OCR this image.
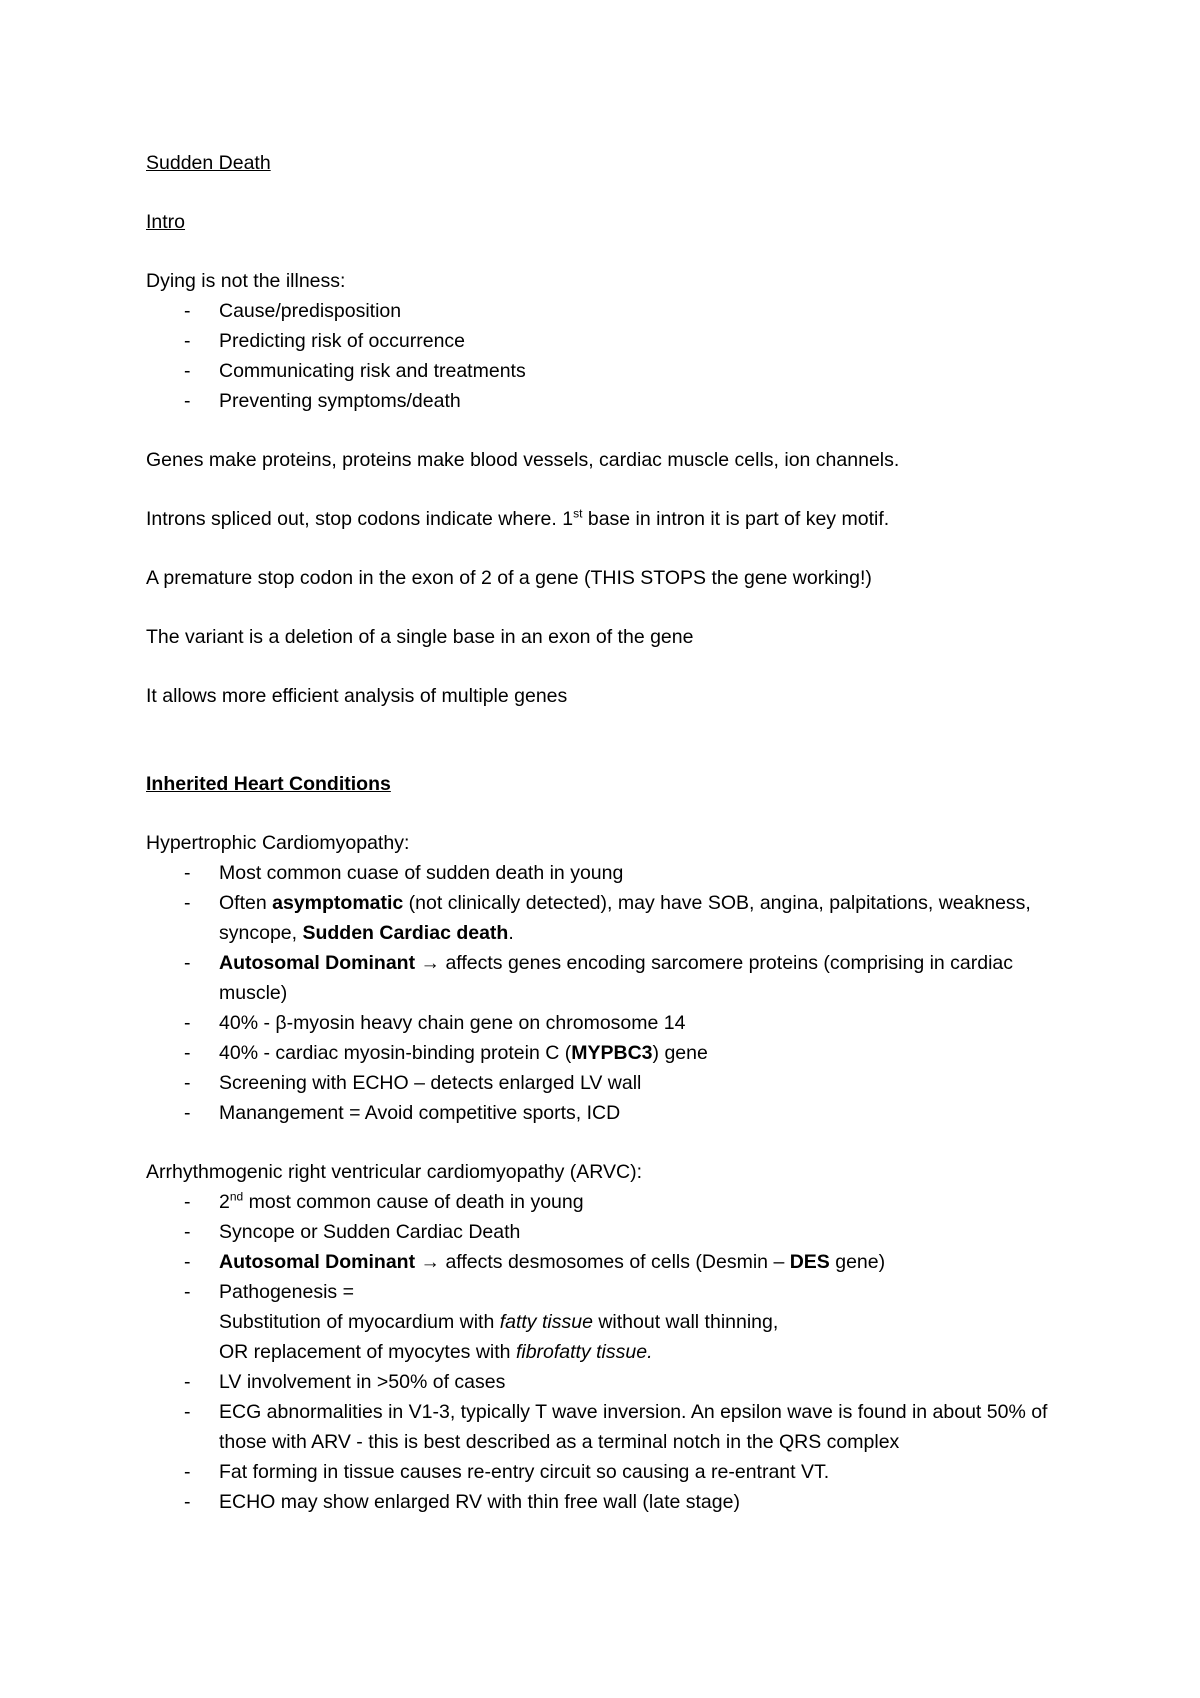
Sudden Death

Intro

Dying is not the illness:

- Cause/predisposition
- Predicting risk of occurrence
- Communicating risk and treatments
- Preventing symptoms/death

Genes make proteins, proteins make blood vessels, cardiac muscle cells, ion channels.

Introns spliced out, stop codons indicate where. 1st base in intron it is part of key motif.

A premature stop codon in the exon of 2 of a gene (THIS STOPS the gene working!)

The variant is a deletion of a single base in an exon of the gene

It allows more efficient analysis of multiple genes

Inherited Heart Conditions

Hypertrophic Cardiomyopathy:

- Most common cuase of sudden death in young
- Often asymptomatic (not clinically detected), may have SOB, angina, palpitations, weakness, syncope, Sudden Cardiac death.
- Autosomal Dominant → affects genes encoding sarcomere proteins (comprising in cardiac muscle)
- 40% - β-myosin heavy chain gene on chromosome 14
- 40% - cardiac myosin-binding protein C (MYPBC3) gene
- Screening with ECHO – detects enlarged LV wall
- Manangement = Avoid competitive sports, ICD

Arrhythmogenic right ventricular cardiomyopathy (ARVC):

- 2nd most common cause of death in young
- Syncope or Sudden Cardiac Death
- Autosomal Dominant → affects desmosomes of cells (Desmin – DES gene)
- Pathogenesis =
Substitution of myocardium with fatty tissue without wall thinning,
OR replacement of myocytes with fibrofatty tissue.
- LV involvement in >50% of cases
- ECG abnormalities in V1-3, typically T wave inversion. An epsilon wave is found in about 50% of those with ARV - this is best described as a terminal notch in the QRS complex
- Fat forming in tissue causes re-entry circuit so causing a re-entrant VT.
- ECHO may show enlarged RV with thin free wall (late stage)
